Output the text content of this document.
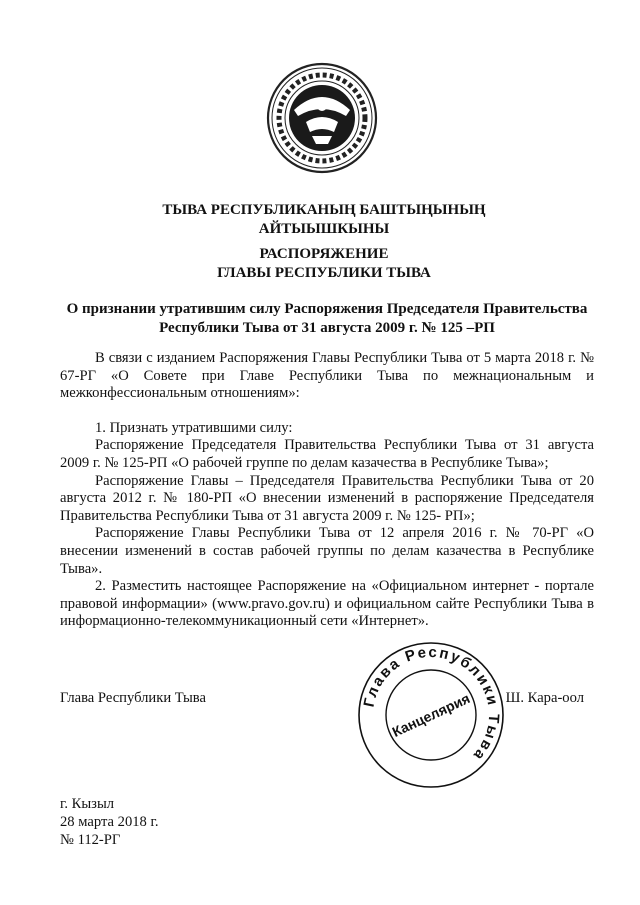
ТЫВА РЕСПУБЛИКАНЫҢ БАШТЫҢЫНЫҢ
АЙТЫЫШКЫНЫ
РАСПОРЯЖЕНИЕ
ГЛАВЫ РЕСПУБЛИКИ ТЫВА
О признании утратившим силу Распоряжения Председателя Правительства Республики Тыва от 31 августа 2009 г. № 125 –РП

В связи с изданием Распоряжения Главы Республики Тыва от 5 марта 2018 г. № 67-РГ «О Совете при Главе Республики Тыва по межнациональным и межконфессиональным отношениям»:

1. Признать утратившими силу:

Распоряжение Председателя Правительства Республики Тыва от 31 августа 2009 г. № 125-РП «О рабочей группе по делам казачества в Республике Тыва»;

Распоряжение Главы – Председателя Правительства Республики Тыва от 20 августа 2012 г. № 180-РП «О внесении изменений в распоряжение Председателя Правительства Республики Тыва от 31 августа 2009 г. № 125- РП»;

Распоряжение Главы Республики Тыва от 12 апреля 2016 г. № 70-РГ «О внесении изменений в состав рабочей группы по делам казачества в Республике Тыва».

2. Разместить настоящее Распоряжение на «Официальном интернет - портале правовой информации» (www.pravo.gov.ru) и официальном сайте Республики Тыва в информационно-телекоммуникационный сети «Интернет».

Глава Республики Тыва	Глава Республики Тыва
Канцелярия Ш. Кара-оол
г. Кызыл
28 марта 2018 г.
№ 112-РГ
